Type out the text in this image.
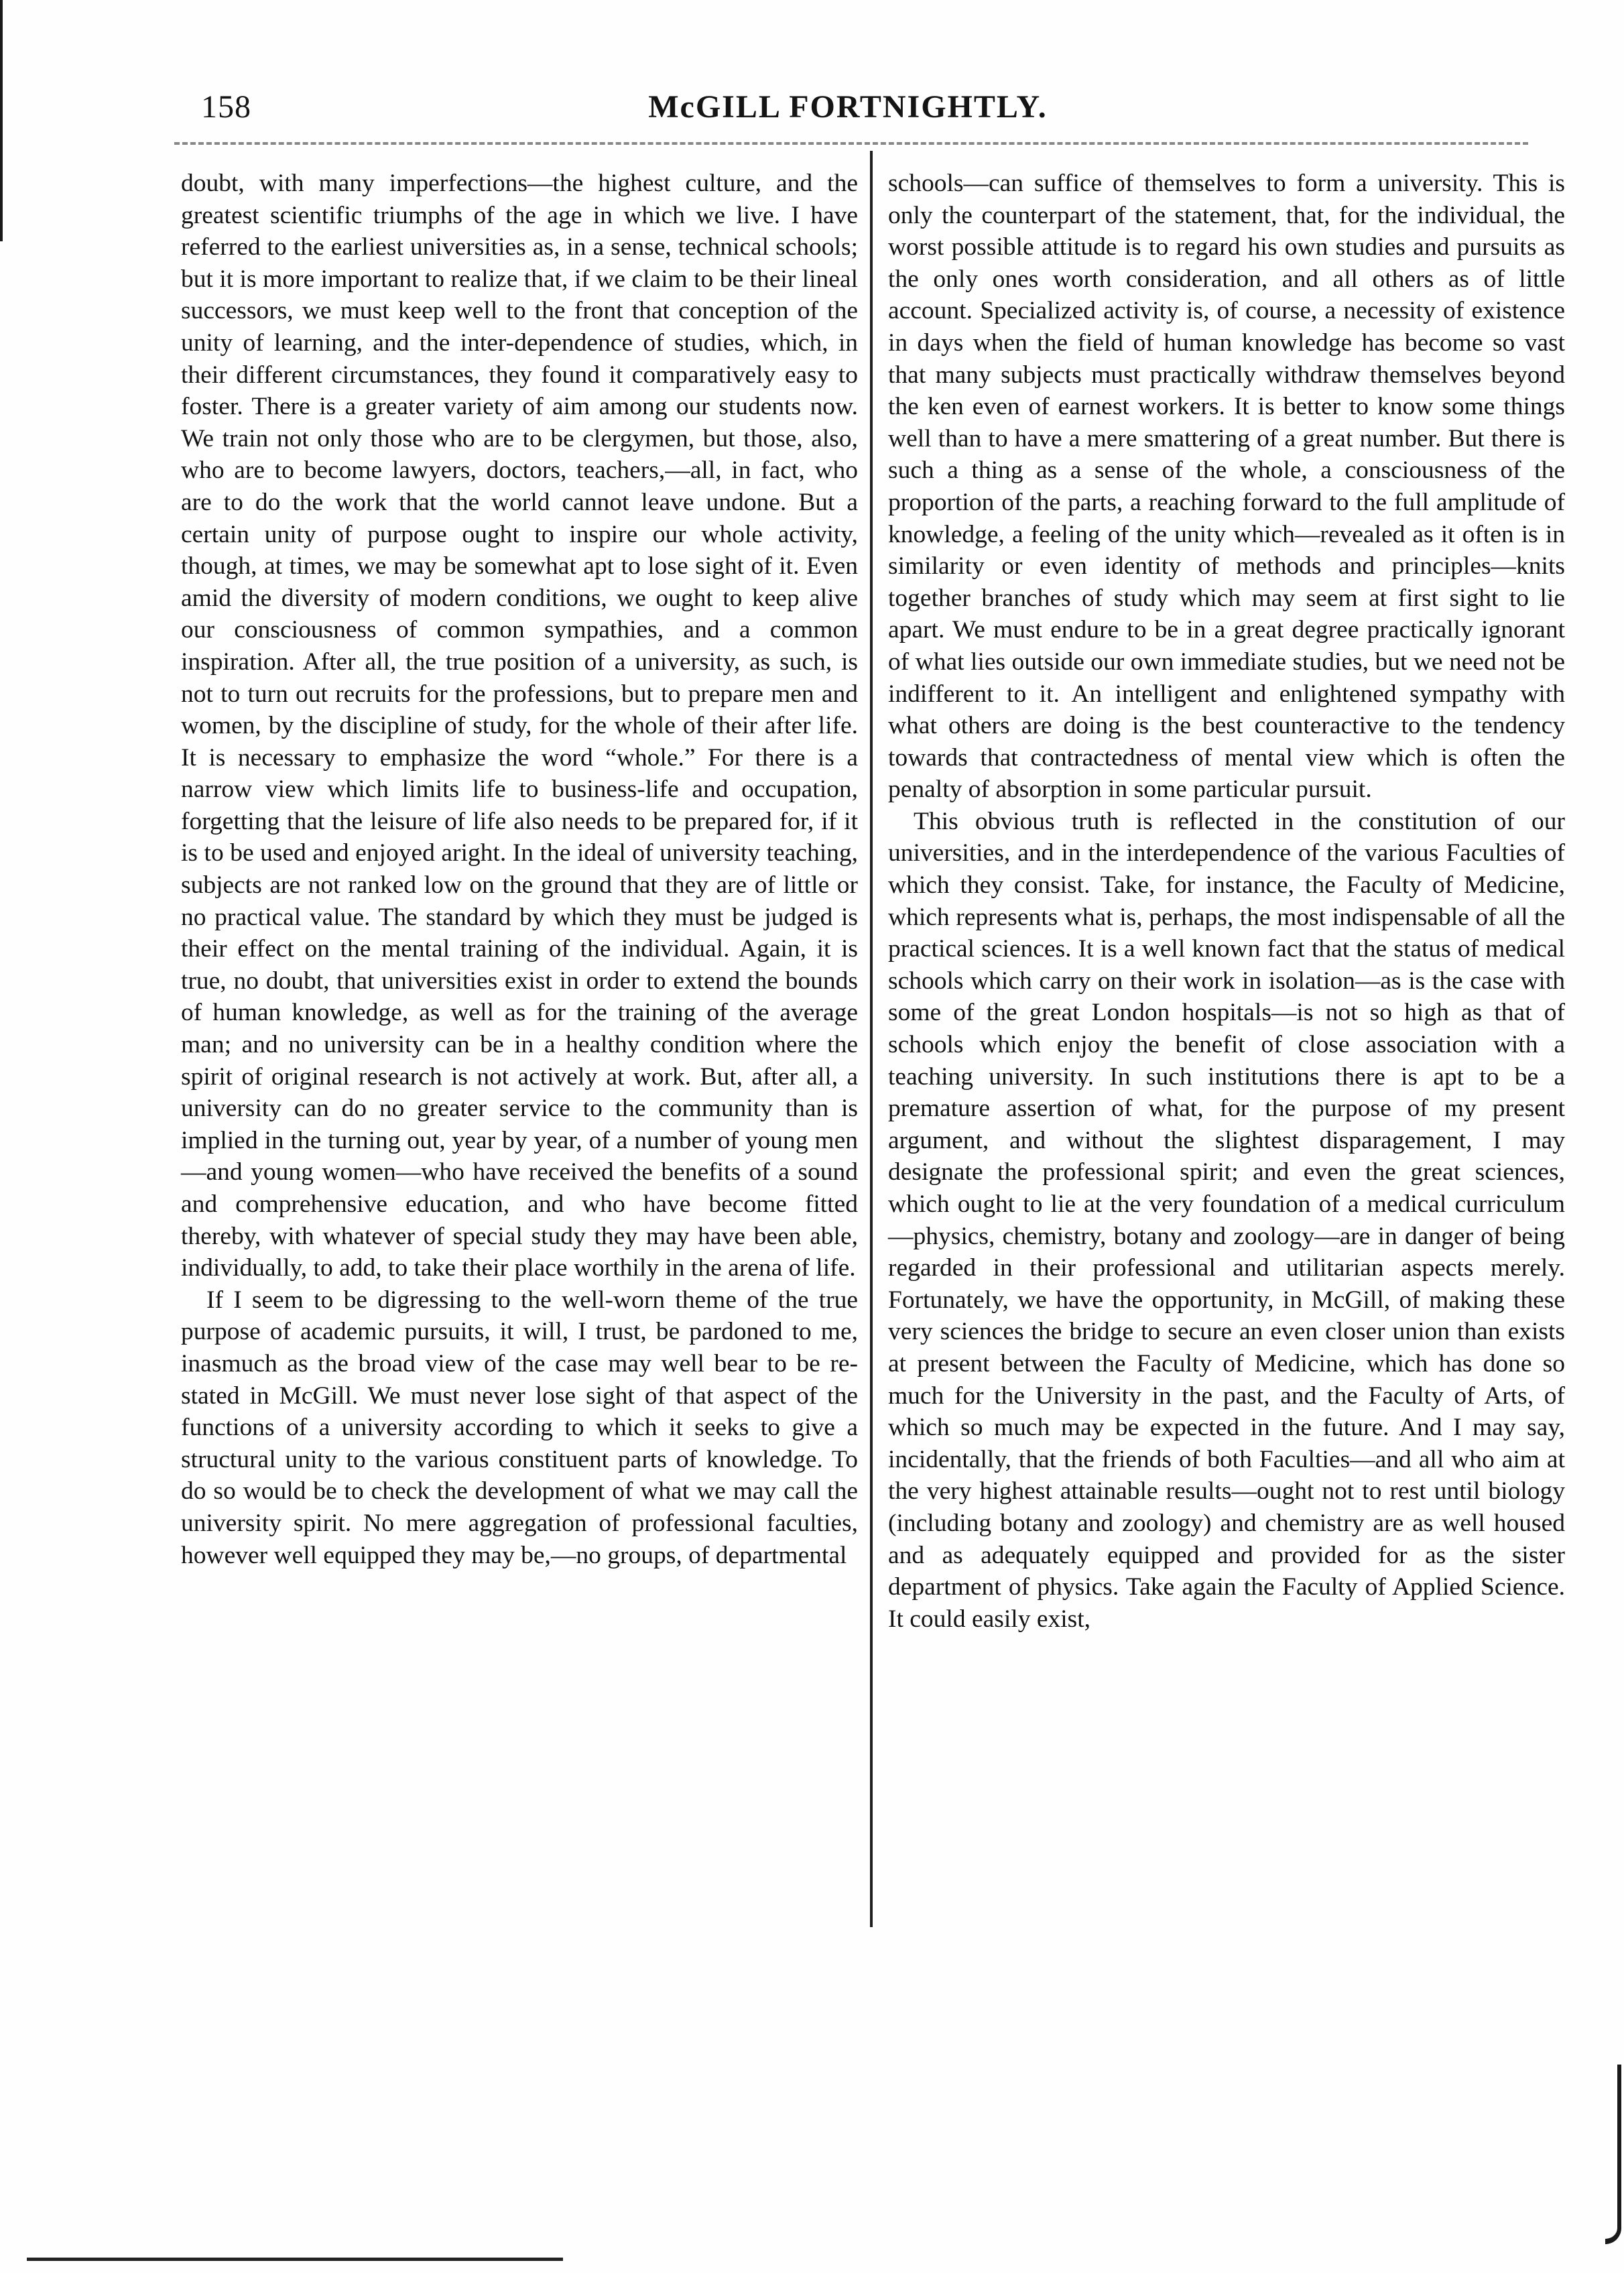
158	McGILL FORTNIGHTLY.

doubt, with many imperfections—the highest culture, and the greatest scientific triumphs of the age in which we live. I have referred to the earliest universities as, in a sense, technical schools; but it is more important to realize that, if we claim to be their lineal successors, we must keep well to the front that conception of the unity of learning, and the inter-dependence of studies, which, in their different circumstances, they found it comparatively easy to foster. There is a greater variety of aim among our students now. We train not only those who are to be clergymen, but those, also, who are to become lawyers, doctors, teachers,—all, in fact, who are to do the work that the world cannot leave undone. But a certain unity of purpose ought to inspire our whole activity, though, at times, we may be somewhat apt to lose sight of it. Even amid the diversity of modern conditions, we ought to keep alive our consciousness of common sympathies, and a common inspiration. After all, the true position of a university, as such, is not to turn out recruits for the professions, but to prepare men and women, by the discipline of study, for the whole of their after life. It is necessary to emphasize the word “whole.” For there is a narrow view which limits life to business-life and occupation, forgetting that the leisure of life also needs to be prepared for, if it is to be used and enjoyed aright. In the ideal of university teaching, subjects are not ranked low on the ground that they are of little or no practical value. The standard by which they must be judged is their effect on the mental training of the individual. Again, it is true, no doubt, that universities exist in order to extend the bounds of human knowledge, as well as for the training of the average man; and no university can be in a healthy condition where the spirit of original research is not actively at work. But, after all, a university can do no greater service to the community than is implied in the turning out, year by year, of a number of young men—and young women—who have received the benefits of a sound and comprehensive education, and who have become fitted thereby, with whatever of special study they may have been able, individually, to add, to take their place worthily in the arena of life.

If I seem to be digressing to the well-worn theme of the true purpose of academic pursuits, it will, I trust, be pardoned to me, inasmuch as the broad view of the case may well bear to be re-stated in McGill. We must never lose sight of that aspect of the functions of a university according to which it seeks to give a structural unity to the various constituent parts of knowledge. To do so would be to check the development of what we may call the university spirit. No mere aggregation of professional faculties, however well equipped they may be,—no groups, of departmental

schools—can suffice of themselves to form a university. This is only the counterpart of the statement, that, for the individual, the worst possible attitude is to regard his own studies and pursuits as the only ones worth consideration, and all others as of little account. Specialized activity is, of course, a necessity of existence in days when the field of human knowledge has become so vast that many subjects must practically withdraw themselves beyond the ken even of earnest workers. It is better to know some things well than to have a mere smattering of a great number. But there is such a thing as a sense of the whole, a consciousness of the proportion of the parts, a reaching forward to the full amplitude of knowledge, a feeling of the unity which—revealed as it often is in similarity or even identity of methods and principles—knits together branches of study which may seem at first sight to lie apart. We must endure to be in a great degree practically ignorant of what lies outside our own immediate studies, but we need not be indifferent to it. An intelligent and enlightened sympathy with what others are doing is the best counteractive to the tendency towards that contractedness of mental view which is often the penalty of absorption in some particular pursuit.

This obvious truth is reflected in the constitution of our universities, and in the interdependence of the various Faculties of which they consist. Take, for instance, the Faculty of Medicine, which represents what is, perhaps, the most indispensable of all the practical sciences. It is a well known fact that the status of medical schools which carry on their work in isolation—as is the case with some of the great London hospitals—is not so high as that of schools which enjoy the benefit of close association with a teaching university. In such institutions there is apt to be a premature assertion of what, for the purpose of my present argument, and without the slightest disparagement, I may designate the professional spirit; and even the great sciences, which ought to lie at the very foundation of a medical curriculum—physics, chemistry, botany and zoology—are in danger of being regarded in their professional and utilitarian aspects merely. Fortunately, we have the opportunity, in McGill, of making these very sciences the bridge to secure an even closer union than exists at present between the Faculty of Medicine, which has done so much for the University in the past, and the Faculty of Arts, of which so much may be expected in the future. And I may say, incidentally, that the friends of both Faculties—and all who aim at the very highest attainable results—ought not to rest until biology (including botany and zoology) and chemistry are as well housed and as adequately equipped and provided for as the sister department of physics. Take again the Faculty of Applied Science. It could easily exist,
